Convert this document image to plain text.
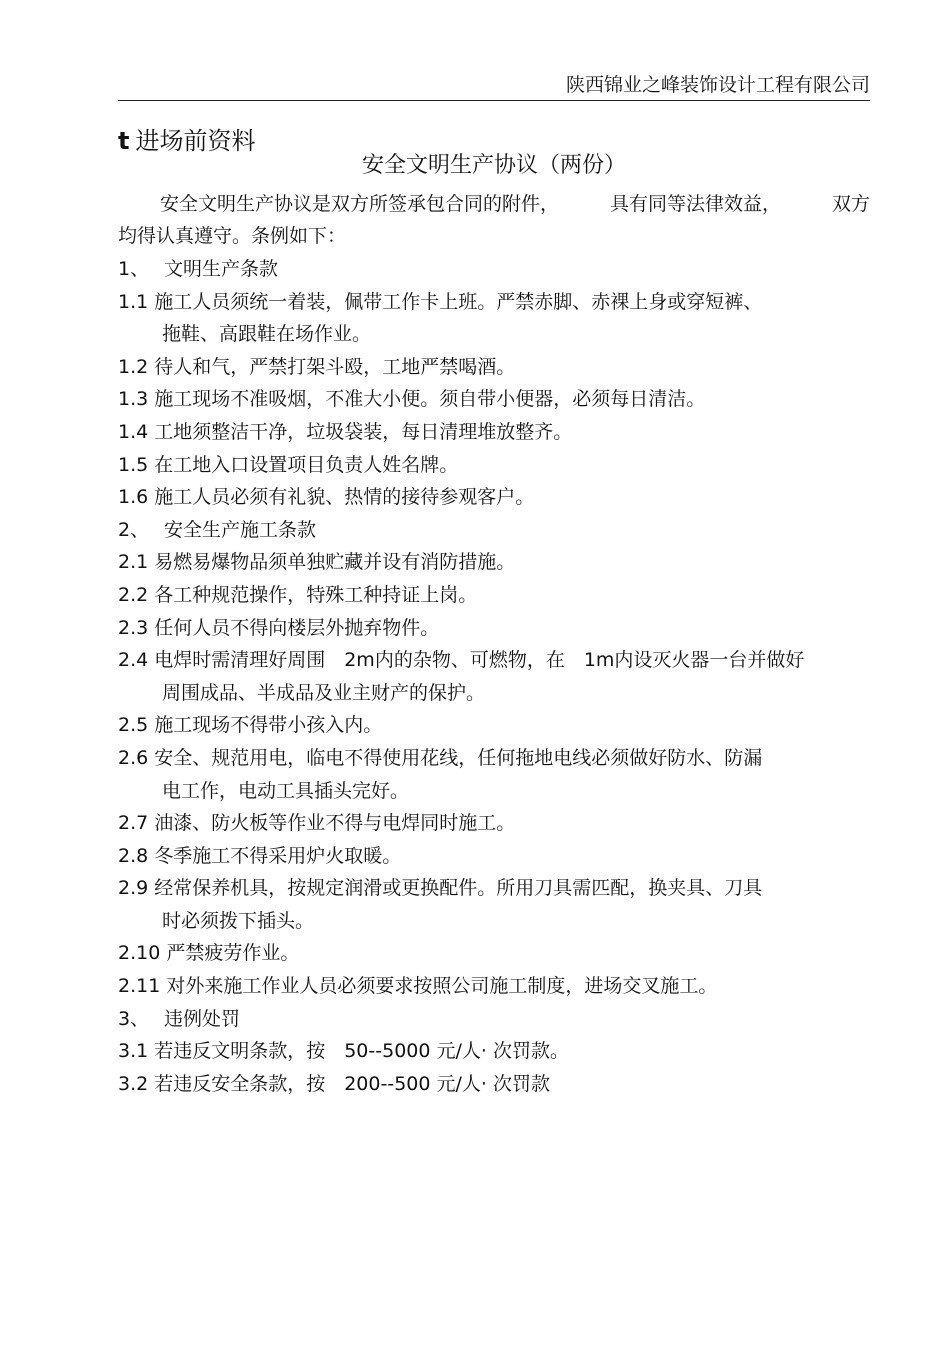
陕西锦业之峰装饰设计工程有限公司
t 进场前资料
安全文明生产协议（两份）
安全文明生产协议是双方所签承包合同的附件，	具有同等法律效益，	双方
均得认真遵守。条例如下：
1、 文明生产条款
1.1 施工人员须统一着装，佩带工作卡上班。严禁赤脚、赤裸上身或穿短裤、
拖鞋、高跟鞋在场作业。
1.2 待人和气，严禁打架斗殴，工地严禁喝酒。
1.3 施工现场不准吸烟，不准大小便。须自带小便器，必须每日清洁。
1.4 工地须整洁干净，垃圾袋装，每日清理堆放整齐。
1.5 在工地入口设置项目负责人姓名牌。
1.6 施工人员必须有礼貌、热情的接待参观客户。
2、 安全生产施工条款
2.1 易燃易爆物品须单独贮藏并设有消防措施。
2.2 各工种规范操作，特殊工种持证上岗。
2.3 任何人员不得向楼层外抛弃物件。
2.4 电焊时需清理好周围　2m内的杂物、可燃物，在　1m内设灭火器一台并做好
周围成品、半成品及业主财产的保护。
2.5 施工现场不得带小孩入内。
2.6 安全、规范用电，临电不得使用花线，任何拖地电线必须做好防水、防漏
电工作，电动工具插头完好。
2.7 油漆、防火板等作业不得与电焊同时施工。
2.8 冬季施工不得采用炉火取暖。
2.9 经常保养机具，按规定润滑或更换配件。所用刀具需匹配，换夹具、刀具
时必须拨下插头。
2.10 严禁疲劳作业。
2.11 对外来施工作业人员必须要求按照公司施工制度，进场交叉施工。
3、 违例处罚
3.1 若违反文明条款，按　50--5000 元/人· 次罚款。
3.2 若违反安全条款，按　200--500 元/人· 次罚款
